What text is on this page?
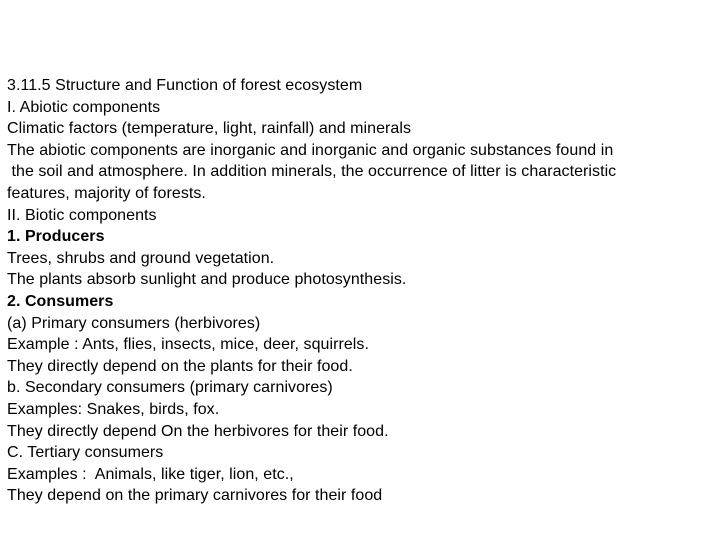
3.11.5 Structure and Function of forest ecosystem
I. Abiotic components
Climatic factors (temperature, light, rainfall) and minerals
The abiotic components are inorganic and inorganic and organic substances found in
the soil and atmosphere. In addition minerals, the occurrence of litter is characteristic
features, majority of forests.
II. Biotic components
1. Producers
Trees, shrubs and ground vegetation.
The plants absorb sunlight and produce photosynthesis.
2. Consumers
(a) Primary consumers (herbivores)
Example : Ants, flies, insects, mice, deer, squirrels.
They directly depend on the plants for their food.
b. Secondary consumers (primary carnivores)
Examples: Snakes, birds, fox.
They directly depend On the herbivores for their food.
C. Tertiary consumers
Examples :  Animals, like tiger, lion, etc.,
They depend on the primary carnivores for their food
